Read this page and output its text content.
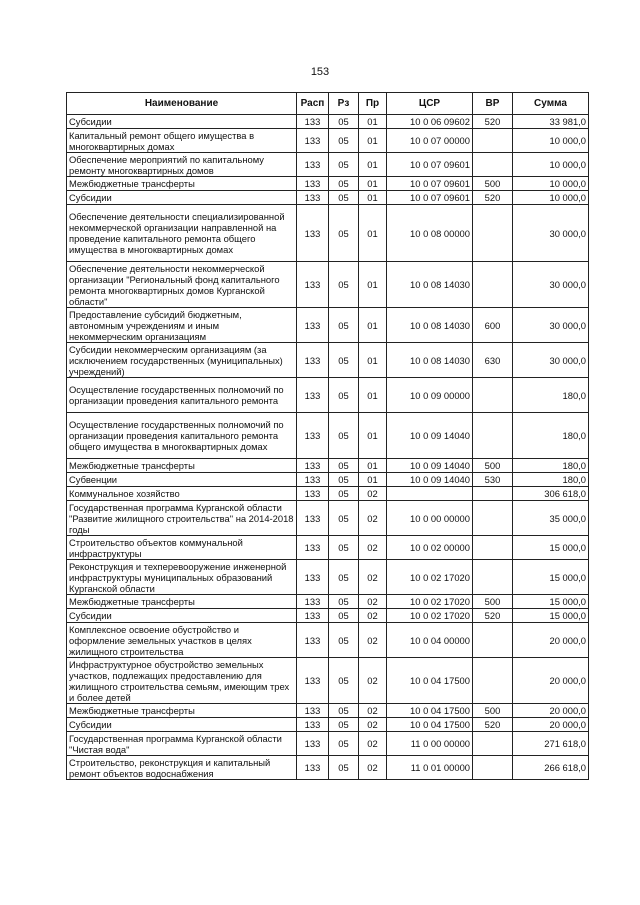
153
Наименование	Расп	Рз	Пр	ЦСР	ВР	Сумма
Субсидии	133	05	01	10 0 06 09602	520	33 981,0
Капитальный ремонт общего имущества в многоквартирных домах	133	05	01	10 0 07 00000		10 000,0
Обеспечение мероприятий по капитальному ремонту многоквартирных домов	133	05	01	10 0 07 09601		10 000,0
Межбюджетные трансферты	133	05	01	10 0 07 09601	500	10 000,0
Субсидии	133	05	01	10 0 07 09601	520	10 000,0
Обеспечение деятельности специализированной некоммерческой организации направленной на проведение капитального ремонта общего имущества в многоквартирных домах	133	05	01	10 0 08 00000		30 000,0
Обеспечение деятельности некоммерческой организации "Региональный фонд капитального ремонта многоквартирных домов Курганской области"	133	05	01	10 0 08 14030		30 000,0
Предоставление субсидий бюджетным, автономным учреждениям и иным некоммерческим организациям	133	05	01	10 0 08 14030	600	30 000,0
Субсидии некоммерческим организациям (за исключением государственных (муниципальных) учреждений)	133	05	01	10 0 08 14030	630	30 000,0
Осуществление государственных полномочий по организации проведения капитального ремонта	133	05	01	10 0 09 00000		180,0
Осуществление государственных полномочий по организации проведения капитального ремонта общего имущества в многоквартирных домах	133	05	01	10 0 09 14040		180,0
Межбюджетные трансферты	133	05	01	10 0 09 14040	500	180,0
Субвенции	133	05	01	10 0 09 14040	530	180,0
Коммунальное хозяйство	133	05	02			306 618,0
Государственная программа Курганской области "Развитие жилищного строительства" на 2014-2018 годы	133	05	02	10 0 00 00000		35 000,0
Строительство объектов коммунальной инфраструктуры	133	05	02	10 0 02 00000		15 000,0
Реконструкция и техперевооружение инженерной инфраструктуры муниципальных образований Курганской области	133	05	02	10 0 02 17020		15 000,0
Межбюджетные трансферты	133	05	02	10 0 02 17020	500	15 000,0
Субсидии	133	05	02	10 0 02 17020	520	15 000,0
Комплексное освоение обустройство и оформление земельных участков в целях жилищного строительства	133	05	02	10 0 04 00000		20 000,0
Инфраструктурное обустройство земельных участков, подлежащих предоставлению для жилищного строительства семьям, имеющим трех и более детей	133	05	02	10 0 04 17500		20 000,0
Межбюджетные трансферты	133	05	02	10 0 04 17500	500	20 000,0
Субсидии	133	05	02	10 0 04 17500	520	20 000,0
Государственная программа Курганской области "Чистая вода"	133	05	02	11 0 00 00000		271 618,0
Строительство, реконструкция и капитальный ремонт объектов водоснабжения	133	05	02	11 0 01 00000		266 618,0
